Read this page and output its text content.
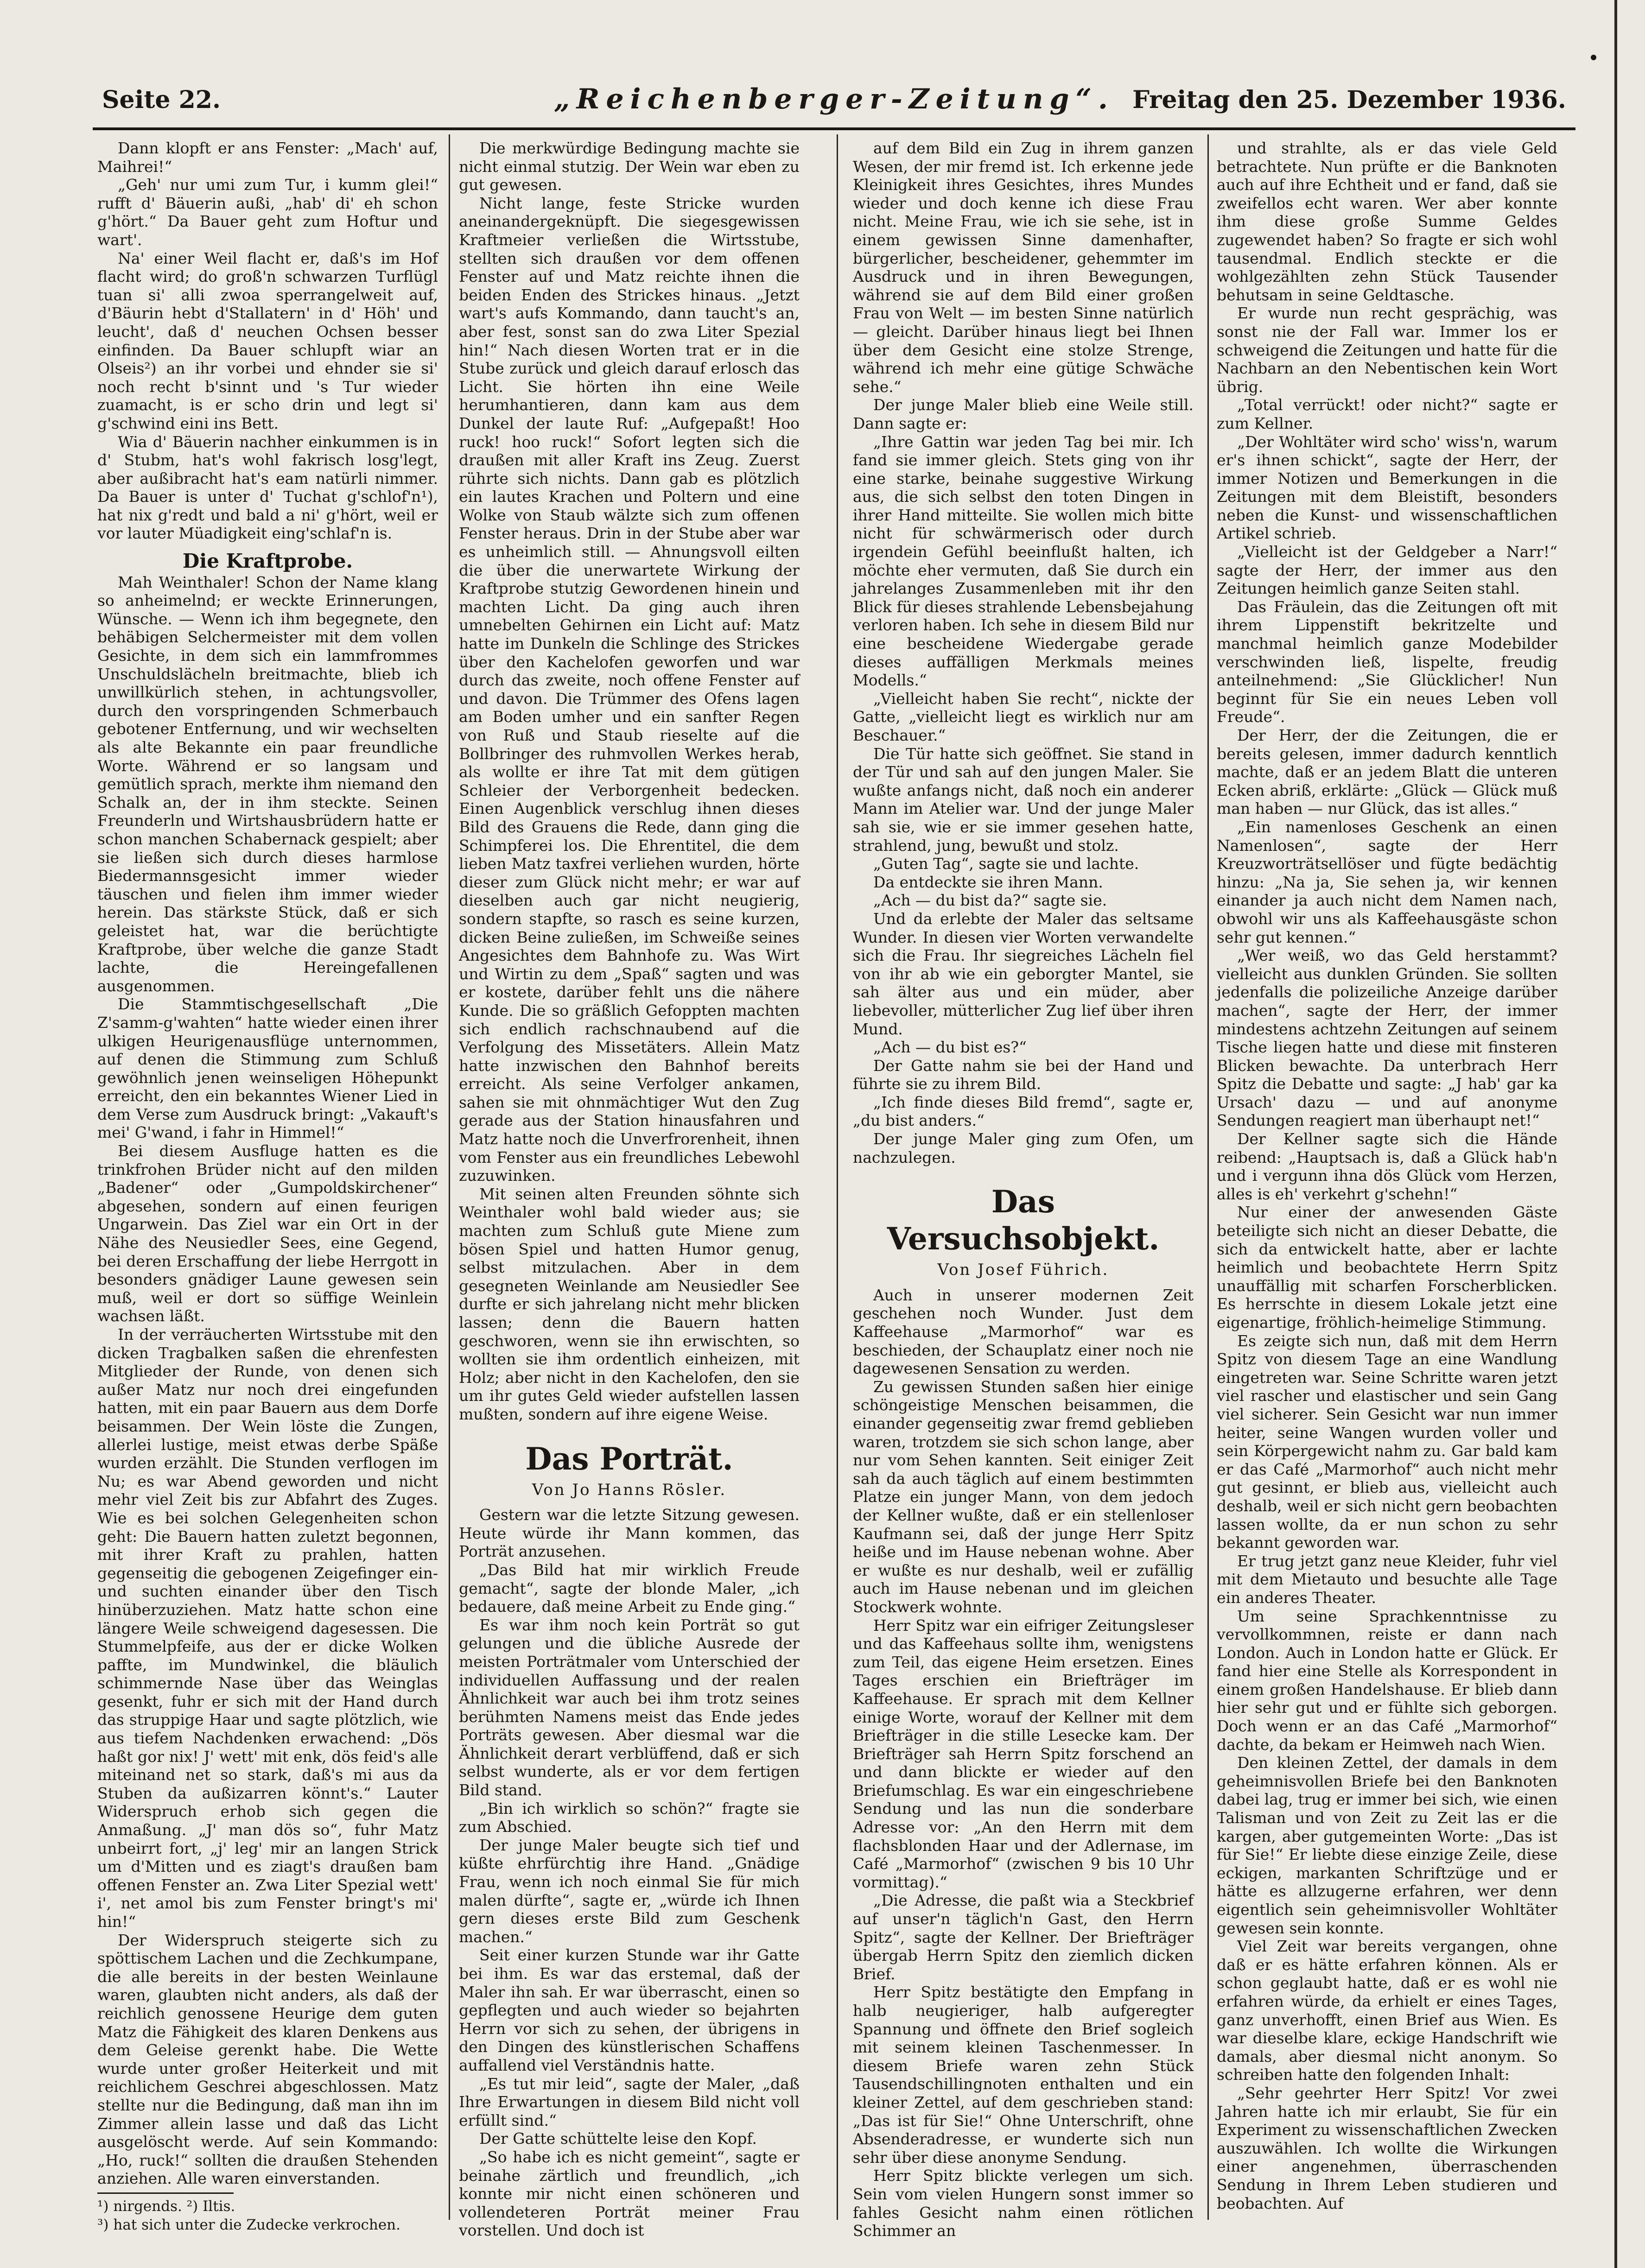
Seite 22.	„Reichenberger-Zeitung“. Freitag den 25. Dezember 1936.

Dann klopft er ans Fenster: „Mach' auf, Maihrei!“

„Geh' nur umi zum Tur, i kumm glei!“ rufft d' Bäuerin außi, „hab' di' eh schon g'hört.“ Da Bauer geht zum Hoftur und wart'.

Na' einer Weil flacht er, daß's im Hof flacht wird; do groß'n schwarzen Turflügl tuan si' alli zwoa sperrangelweit auf, d'Bäurin hebt d'Stallatern' in d' Höh' und leucht', daß d' neuchen Ochsen besser einfinden. Da Bauer schlupft wiar an Olseis²) an ihr vorbei und ehnder sie si' noch recht b'sinnt und 's Tur wieder zuamacht, is er scho drin und legt si' g'schwind eini ins Bett.

Wia d' Bäuerin nachher einkummen is in d' Stubm, hat's wohl fakrisch losg'legt, aber außibracht hat's eam natürli nimmer. Da Bauer is unter d' Tuchat g'schlof'n¹), hat nix g'redt und bald a ni' g'hört, weil er vor lauter Müadigkeit eing'schlaf'n is.

Die Kraftprobe.

Mah Weinthaler! Schon der Name klang so anheimelnd; er weckte Erinnerungen, Wünsche. — Wenn ich ihm begegnete, den behäbigen Selchermeister mit dem vollen Gesichte, in dem sich ein lammfrommes Unschuldslächeln breitmachte, blieb ich unwillkürlich stehen, in achtungsvoller, durch den vorspringenden Schmerbauch gebotener Entfernung, und wir wechselten als alte Bekannte ein paar freundliche Worte. Während er so langsam und gemütlich sprach, merkte ihm niemand den Schalk an, der in ihm steckte. Seinen Freunderln und Wirtshausbrüdern hatte er schon manchen Schabernack gespielt; aber sie ließen sich durch dieses harmlose Biedermannsgesicht immer wieder täuschen und fielen ihm immer wieder herein. Das stärkste Stück, daß er sich geleistet hat, war die berüchtigte Kraftprobe, über welche die ganze Stadt lachte, die Hereingefallenen ausgenommen.

Die Stammtischgesellschaft „Die Z'samm-g'wahten“ hatte wieder einen ihrer ulkigen Heurigenausflüge unternommen, auf denen die Stimmung zum Schluß gewöhnlich jenen weinseligen Höhepunkt erreicht, den ein bekanntes Wiener Lied in dem Verse zum Ausdruck bringt: „Vakauft's mei' G'wand, i fahr in Himmel!“

Bei diesem Ausfluge hatten es die trinkfrohen Brüder nicht auf den milden „Badener“ oder „Gumpoldskirchener“ abgesehen, sondern auf einen feurigen Ungarwein. Das Ziel war ein Ort in der Nähe des Neusiedler Sees, eine Gegend, bei deren Erschaffung der liebe Herrgott in besonders gnädiger Laune gewesen sein muß, weil er dort so süffige Weinlein wachsen läßt.

In der verräucherten Wirtsstube mit den dicken Tragbalken saßen die ehrenfesten Mitglieder der Runde, von denen sich außer Matz nur noch drei eingefunden hatten, mit ein paar Bauern aus dem Dorfe beisammen. Der Wein löste die Zungen, allerlei lustige, meist etwas derbe Späße wurden erzählt. Die Stunden verflogen im Nu; es war Abend geworden und nicht mehr viel Zeit bis zur Abfahrt des Zuges. Wie es bei solchen Gelegenheiten schon geht: Die Bauern hatten zuletzt begonnen, mit ihrer Kraft zu prahlen, hatten gegenseitig die gebogenen Zeigefinger ein- und suchten einander über den Tisch hinüberzuziehen. Matz hatte schon eine längere Weile schweigend dagesessen. Die Stummelpfeife, aus der er dicke Wolken paffte, im Mundwinkel, die bläulich schimmernde Nase über das Weinglas gesenkt, fuhr er sich mit der Hand durch das struppige Haar und sagte plötzlich, wie aus tiefem Nachdenken erwachend: „Dös haßt gor nix! J' wett' mit enk, dös feid's alle miteinand net so stark, daß's mi aus da Stuben da außizarren könnt's.“ Lauter Widerspruch erhob sich gegen die Anmaßung. „J' man dös so“, fuhr Matz unbeirrt fort, „j' leg' mir an langen Strick um d'Mitten und es ziagt's draußen bam offenen Fenster an. Zwa Liter Spezial wett' i', net amol bis zum Fenster bringt's mi' hin!“

Der Widerspruch steigerte sich zu spöttischem Lachen und die Zechkumpane, die alle bereits in der besten Weinlaune waren, glaubten nicht anders, als daß der reichlich genossene Heurige dem guten Matz die Fähigkeit des klaren Denkens aus dem Geleise gerenkt habe. Die Wette wurde unter großer Heiterkeit und mit reichlichem Geschrei abgeschlossen. Matz stellte nur die Bedingung, daß man ihn im Zimmer allein lasse und daß das Licht ausgelöscht werde. Auf sein Kommando: „Ho, ruck!“ sollten die draußen Stehenden anziehen. Alle waren einverstanden.

¹) nirgends. ²) Iltis.

³) hat sich unter die Zudecke verkrochen.

Die merkwürdige Bedingung machte sie nicht einmal stutzig. Der Wein war eben zu gut gewesen.

Nicht lange, feste Stricke wurden aneinandergeknüpft. Die siegesgewissen Kraftmeier verließen die Wirtsstube, stellten sich draußen vor dem offenen Fenster auf und Matz reichte ihnen die beiden Enden des Strickes hinaus. „Jetzt wart's aufs Kommando, dann taucht's an, aber fest, sonst san do zwa Liter Spezial hin!“ Nach diesen Worten trat er in die Stube zurück und gleich darauf erlosch das Licht. Sie hörten ihn eine Weile herumhantieren, dann kam aus dem Dunkel der laute Ruf: „Aufgepaßt! Hoo ruck! hoo ruck!“ Sofort legten sich die draußen mit aller Kraft ins Zeug. Zuerst rührte sich nichts. Dann gab es plötzlich ein lautes Krachen und Poltern und eine Wolke von Staub wälzte sich zum offenen Fenster heraus. Drin in der Stube aber war es unheimlich still. — Ahnungsvoll eilten die über die unerwartete Wirkung der Kraftprobe stutzig Gewordenen hinein und machten Licht. Da ging auch ihren umnebelten Gehirnen ein Licht auf: Matz hatte im Dunkeln die Schlinge des Strickes über den Kachelofen geworfen und war durch das zweite, noch offene Fenster auf und davon. Die Trümmer des Ofens lagen am Boden umher und ein sanfter Regen von Ruß und Staub rieselte auf die Bollbringer des ruhmvollen Werkes herab, als wollte er ihre Tat mit dem gütigen Schleier der Verborgenheit bedecken. Einen Augenblick verschlug ihnen dieses Bild des Grauens die Rede, dann ging die Schimpferei los. Die Ehrentitel, die dem lieben Matz taxfrei verliehen wurden, hörte dieser zum Glück nicht mehr; er war auf dieselben auch gar nicht neugierig, sondern stapfte, so rasch es seine kurzen, dicken Beine zuließen, im Schweiße seines Angesichtes dem Bahnhofe zu. Was Wirt und Wirtin zu dem „Spaß“ sagten und was er kostete, darüber fehlt uns die nähere Kunde. Die so gräßlich Gefoppten machten sich endlich rachschnaubend auf die Verfolgung des Missetäters. Allein Matz hatte inzwischen den Bahnhof bereits erreicht. Als seine Verfolger ankamen, sahen sie mit ohnmächtiger Wut den Zug gerade aus der Station hinausfahren und Matz hatte noch die Unverfrorenheit, ihnen vom Fenster aus ein freundliches Lebewohl zuzuwinken.

Mit seinen alten Freunden söhnte sich Weinthaler wohl bald wieder aus; sie machten zum Schluß gute Miene zum bösen Spiel und hatten Humor genug, selbst mitzulachen. Aber in dem gesegneten Weinlande am Neusiedler See durfte er sich jahrelang nicht mehr blicken lassen; denn die Bauern hatten geschworen, wenn sie ihn erwischten, so wollten sie ihm ordentlich einheizen, mit Holz; aber nicht in den Kachelofen, den sie um ihr gutes Geld wieder aufstellen lassen mußten, sondern auf ihre eigene Weise.

Das Porträt.

Von Jo Hanns Rösler.

Gestern war die letzte Sitzung gewesen. Heute würde ihr Mann kommen, das Porträt anzusehen.

„Das Bild hat mir wirklich Freude gemacht“, sagte der blonde Maler, „ich bedauere, daß meine Arbeit zu Ende ging.“

Es war ihm noch kein Porträt so gut gelungen und die übliche Ausrede der meisten Porträtmaler vom Unterschied der individuellen Auffassung und der realen Ähnlichkeit war auch bei ihm trotz seines berühmten Namens meist das Ende jedes Porträts gewesen. Aber diesmal war die Ähnlichkeit derart verblüffend, daß er sich selbst wunderte, als er vor dem fertigen Bild stand.

„Bin ich wirklich so schön?“ fragte sie zum Abschied.

Der junge Maler beugte sich tief und küßte ehrfürchtig ihre Hand. „Gnädige Frau, wenn ich noch einmal Sie für mich malen dürfte“, sagte er, „würde ich Ihnen gern dieses erste Bild zum Geschenk machen.“

Seit einer kurzen Stunde war ihr Gatte bei ihm. Es war das erstemal, daß der Maler ihn sah. Er war überrascht, einen so gepflegten und auch wieder so bejahrten Herrn vor sich zu sehen, der übrigens in den Dingen des künstlerischen Schaffens auffallend viel Verständnis hatte.

„Es tut mir leid“, sagte der Maler, „daß Ihre Erwartungen in diesem Bild nicht voll erfüllt sind.“

Der Gatte schüttelte leise den Kopf.

„So habe ich es nicht gemeint“, sagte er beinahe zärtlich und freundlich, „ich konnte mir nicht einen schöneren und vollendeteren Porträt meiner Frau vorstellen. Und doch ist

auf dem Bild ein Zug in ihrem ganzen Wesen, der mir fremd ist. Ich erkenne jede Kleinigkeit ihres Gesichtes, ihres Mundes wieder und doch kenne ich diese Frau nicht. Meine Frau, wie ich sie sehe, ist in einem gewissen Sinne damenhafter, bürgerlicher, bescheidener, gehemmter im Ausdruck und in ihren Bewegungen, während sie auf dem Bild einer großen Frau von Welt — im besten Sinne natürlich — gleicht. Darüber hinaus liegt bei Ihnen über dem Gesicht eine stolze Strenge, während ich mehr eine gütige Schwäche sehe.“

Der junge Maler blieb eine Weile still. Dann sagte er:

„Ihre Gattin war jeden Tag bei mir. Ich fand sie immer gleich. Stets ging von ihr eine starke, beinahe suggestive Wirkung aus, die sich selbst den toten Dingen in ihrer Hand mitteilte. Sie wollen mich bitte nicht für schwärmerisch oder durch irgendein Gefühl beeinflußt halten, ich möchte eher vermuten, daß Sie durch ein jahrelanges Zusammenleben mit ihr den Blick für dieses strahlende Lebensbejahung verloren haben. Ich sehe in diesem Bild nur eine bescheidene Wiedergabe gerade dieses auffälligen Merkmals meines Modells.“

„Vielleicht haben Sie recht“, nickte der Gatte, „vielleicht liegt es wirklich nur am Beschauer.“

Die Tür hatte sich geöffnet. Sie stand in der Tür und sah auf den jungen Maler. Sie wußte anfangs nicht, daß noch ein anderer Mann im Atelier war. Und der junge Maler sah sie, wie er sie immer gesehen hatte, strahlend, jung, bewußt und stolz.

„Guten Tag“, sagte sie und lachte.

Da entdeckte sie ihren Mann.

„Ach — du bist da?“ sagte sie.

Und da erlebte der Maler das seltsame Wunder. In diesen vier Worten verwandelte sich die Frau. Ihr siegreiches Lächeln fiel von ihr ab wie ein geborgter Mantel, sie sah älter aus und ein müder, aber liebevoller, mütterlicher Zug lief über ihren Mund.

„Ach — du bist es?“

Der Gatte nahm sie bei der Hand und führte sie zu ihrem Bild.

„Ich finde dieses Bild fremd“, sagte er, „du bist anders.“

Der junge Maler ging zum Ofen, um nachzulegen.

Das Versuchsobjekt.

Von Josef Führich.

Auch in unserer modernen Zeit geschehen noch Wunder. Just dem Kaffeehause „Marmorhof“ war es beschieden, der Schauplatz einer noch nie dagewesenen Sensation zu werden.

Zu gewissen Stunden saßen hier einige schöngeistige Menschen beisammen, die einander gegenseitig zwar fremd geblieben waren, trotzdem sie sich schon lange, aber nur vom Sehen kannten. Seit einiger Zeit sah da auch täglich auf einem bestimmten Platze ein junger Mann, von dem jedoch der Kellner wußte, daß er ein stellenloser Kaufmann sei, daß der junge Herr Spitz heiße und im Hause nebenan wohne. Aber er wußte es nur deshalb, weil er zufällig auch im Hause nebenan und im gleichen Stockwerk wohnte.

Herr Spitz war ein eifriger Zeitungsleser und das Kaffeehaus sollte ihm, wenigstens zum Teil, das eigene Heim ersetzen. Eines Tages erschien ein Briefträger im Kaffeehause. Er sprach mit dem Kellner einige Worte, worauf der Kellner mit dem Briefträger in die stille Lesecke kam. Der Briefträger sah Herrn Spitz forschend an und dann blickte er wieder auf den Briefumschlag. Es war ein eingeschriebene Sendung und las nun die sonderbare Adresse vor: „An den Herrn mit dem flachsblonden Haar und der Adlernase, im Café „Marmorhof“ (zwischen 9 bis 10 Uhr vormittag).“

„Die Adresse, die paßt wia a Steckbrief auf unser'n täglich'n Gast, den Herrn Spitz“, sagte der Kellner. Der Briefträger übergab Herrn Spitz den ziemlich dicken Brief.

Herr Spitz bestätigte den Empfang in halb neugieriger, halb aufgeregter Spannung und öffnete den Brief sogleich mit seinem kleinen Taschenmesser. In diesem Briefe waren zehn Stück Tausendschillingnoten enthalten und ein kleiner Zettel, auf dem geschrieben stand: „Das ist für Sie!“ Ohne Unterschrift, ohne Absenderadresse, er wunderte sich nun sehr über diese anonyme Sendung.

Herr Spitz blickte verlegen um sich. Sein vom vielen Hungern sonst immer so fahles Gesicht nahm einen rötlichen Schimmer an

und strahlte, als er das viele Geld betrachtete. Nun prüfte er die Banknoten auch auf ihre Echtheit und er fand, daß sie zweifellos echt waren. Wer aber konnte ihm diese große Summe Geldes zugewendet haben? So fragte er sich wohl tausendmal. Endlich steckte er die wohlgezählten zehn Stück Tausender behutsam in seine Geldtasche.

Er wurde nun recht gesprächig, was sonst nie der Fall war. Immer los er schweigend die Zeitungen und hatte für die Nachbarn an den Nebentischen kein Wort übrig.

„Total verrückt! oder nicht?“ sagte er zum Kellner.

„Der Wohltäter wird scho' wiss'n, warum er's ihnen schickt“, sagte der Herr, der immer Notizen und Bemerkungen in die Zeitungen mit dem Bleistift, besonders neben die Kunst- und wissenschaftlichen Artikel schrieb.

„Vielleicht ist der Geldgeber a Narr!“ sagte der Herr, der immer aus den Zeitungen heimlich ganze Seiten stahl.

Das Fräulein, das die Zeitungen oft mit ihrem Lippenstift bekritzelte und manchmal heimlich ganze Modebilder verschwinden ließ, lispelte, freudig anteilnehmend: „Sie Glücklicher! Nun beginnt für Sie ein neues Leben voll Freude“.

Der Herr, der die Zeitungen, die er bereits gelesen, immer dadurch kenntlich machte, daß er an jedem Blatt die unteren Ecken abriß, erklärte: „Glück — Glück muß man haben — nur Glück, das ist alles.“

„Ein namenloses Geschenk an einen Namenlosen“, sagte der Herr Kreuzworträtsellöser und fügte bedächtig hinzu: „Na ja, Sie sehen ja, wir kennen einander ja auch nicht dem Namen nach, obwohl wir uns als Kaffeehausgäste schon sehr gut kennen.“

„Wer weiß, wo das Geld herstammt? vielleicht aus dunklen Gründen. Sie sollten jedenfalls die polizeiliche Anzeige darüber machen“, sagte der Herr, der immer mindestens achtzehn Zeitungen auf seinem Tische liegen hatte und diese mit finsteren Blicken bewachte. Da unterbrach Herr Spitz die Debatte und sagte: „J hab' gar ka Ursach' dazu — und auf anonyme Sendungen reagiert man überhaupt net!“

Der Kellner sagte sich die Hände reibend: „Hauptsach is, daß a Glück hab'n und i vergunn ihna dös Glück vom Herzen, alles is eh' verkehrt g'schehn!“

Nur einer der anwesenden Gäste beteiligte sich nicht an dieser Debatte, die sich da entwickelt hatte, aber er lachte heimlich und beobachtete Herrn Spitz unauffällig mit scharfen Forscherblicken. Es herrschte in diesem Lokale jetzt eine eigenartige, fröhlich-heimelige Stimmung.

Es zeigte sich nun, daß mit dem Herrn Spitz von diesem Tage an eine Wandlung eingetreten war. Seine Schritte waren jetzt viel rascher und elastischer und sein Gang viel sicherer. Sein Gesicht war nun immer heiter, seine Wangen wurden voller und sein Körpergewicht nahm zu. Gar bald kam er das Café „Marmorhof“ auch nicht mehr gut gesinnt, er blieb aus, vielleicht auch deshalb, weil er sich nicht gern beobachten lassen wollte, da er nun schon zu sehr bekannt geworden war.

Er trug jetzt ganz neue Kleider, fuhr viel mit dem Mietauto und besuchte alle Tage ein anderes Theater.

Um seine Sprachkenntnisse zu vervollkommnen, reiste er dann nach London. Auch in London hatte er Glück. Er fand hier eine Stelle als Korrespondent in einem großen Handelshause. Er blieb dann hier sehr gut und er fühlte sich geborgen. Doch wenn er an das Café „Marmorhof“ dachte, da bekam er Heimweh nach Wien.

Den kleinen Zettel, der damals in dem geheimnisvollen Briefe bei den Banknoten dabei lag, trug er immer bei sich, wie einen Talisman und von Zeit zu Zeit las er die kargen, aber gutgemeinten Worte: „Das ist für Sie!“ Er liebte diese einzige Zeile, diese eckigen, markanten Schriftzüge und er hätte es allzugerne erfahren, wer denn eigentlich sein geheimnisvoller Wohltäter gewesen sein konnte.

Viel Zeit war bereits vergangen, ohne daß er es hätte erfahren können. Als er schon geglaubt hatte, daß er es wohl nie erfahren würde, da erhielt er eines Tages, ganz unverhofft, einen Brief aus Wien. Es war dieselbe klare, eckige Handschrift wie damals, aber diesmal nicht anonym. So schreiben hatte den folgenden Inhalt:

„Sehr geehrter Herr Spitz! Vor zwei Jahren hatte ich mir erlaubt, Sie für ein Experiment zu wissenschaftlichen Zwecken auszuwählen. Ich wollte die Wirkungen einer angenehmen, überraschenden Sendung in Ihrem Leben studieren und beobachten. Auf
